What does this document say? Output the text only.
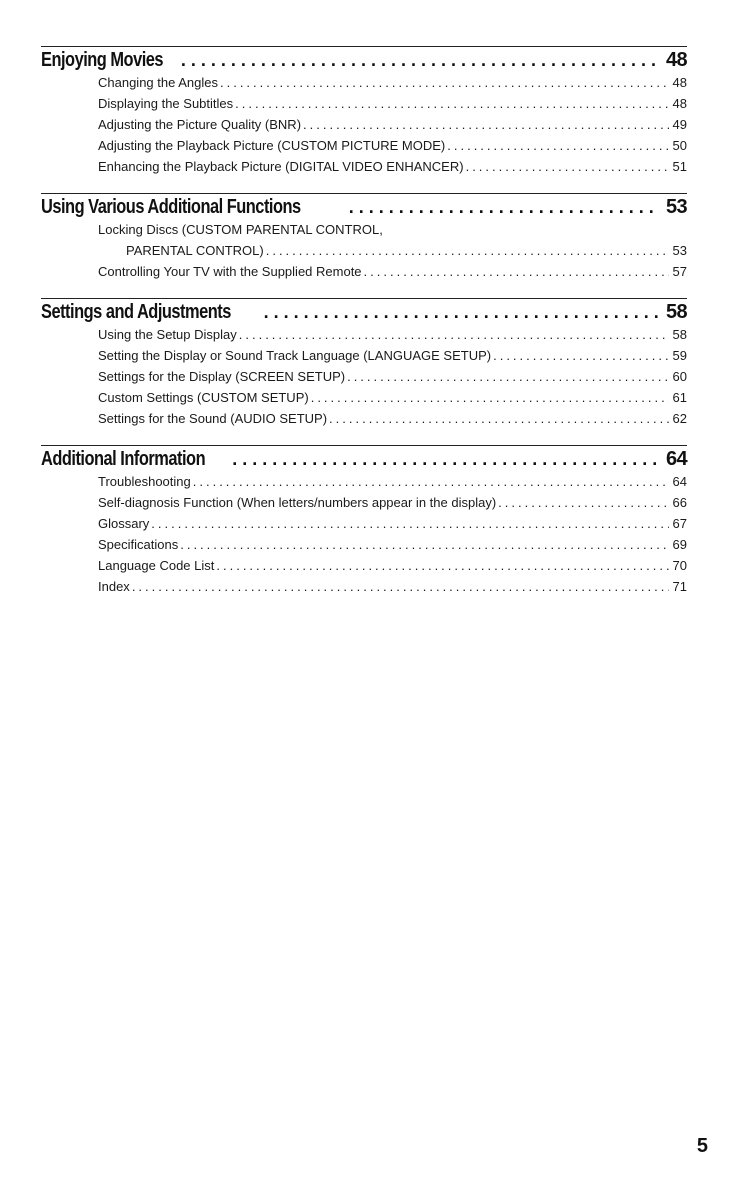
Enjoying Movies . . .	48
Changing the Angles .....	48
Displaying the Subtitles .....	48
Adjusting the Picture Quality (BNR) .....	49
Adjusting the Playback Picture (CUSTOM PICTURE MODE) .....	50
Enhancing the Playback Picture (DIGITAL VIDEO ENHANCER) .....	51
Using Various Additional Functions . . .	53
Locking Discs (CUSTOM PARENTAL CONTROL,
PARENTAL CONTROL) .....	53
Controlling Your TV with the Supplied Remote .....	57
Settings and Adjustments . . .	58
Using the Setup Display .....	58
Setting the Display or Sound Track Language (LANGUAGE SETUP) .....	59
Settings for the Display (SCREEN SETUP) .....	60
Custom Settings (CUSTOM SETUP) .....	61
Settings for the Sound (AUDIO SETUP) .....	62
Additional Information . . .	64
Troubleshooting .....	64
Self-diagnosis Function (When letters/numbers appear in the display) .....	66
Glossary .....	67
Specifications .....	69
Language Code List .....	70
Index .....	71
5
